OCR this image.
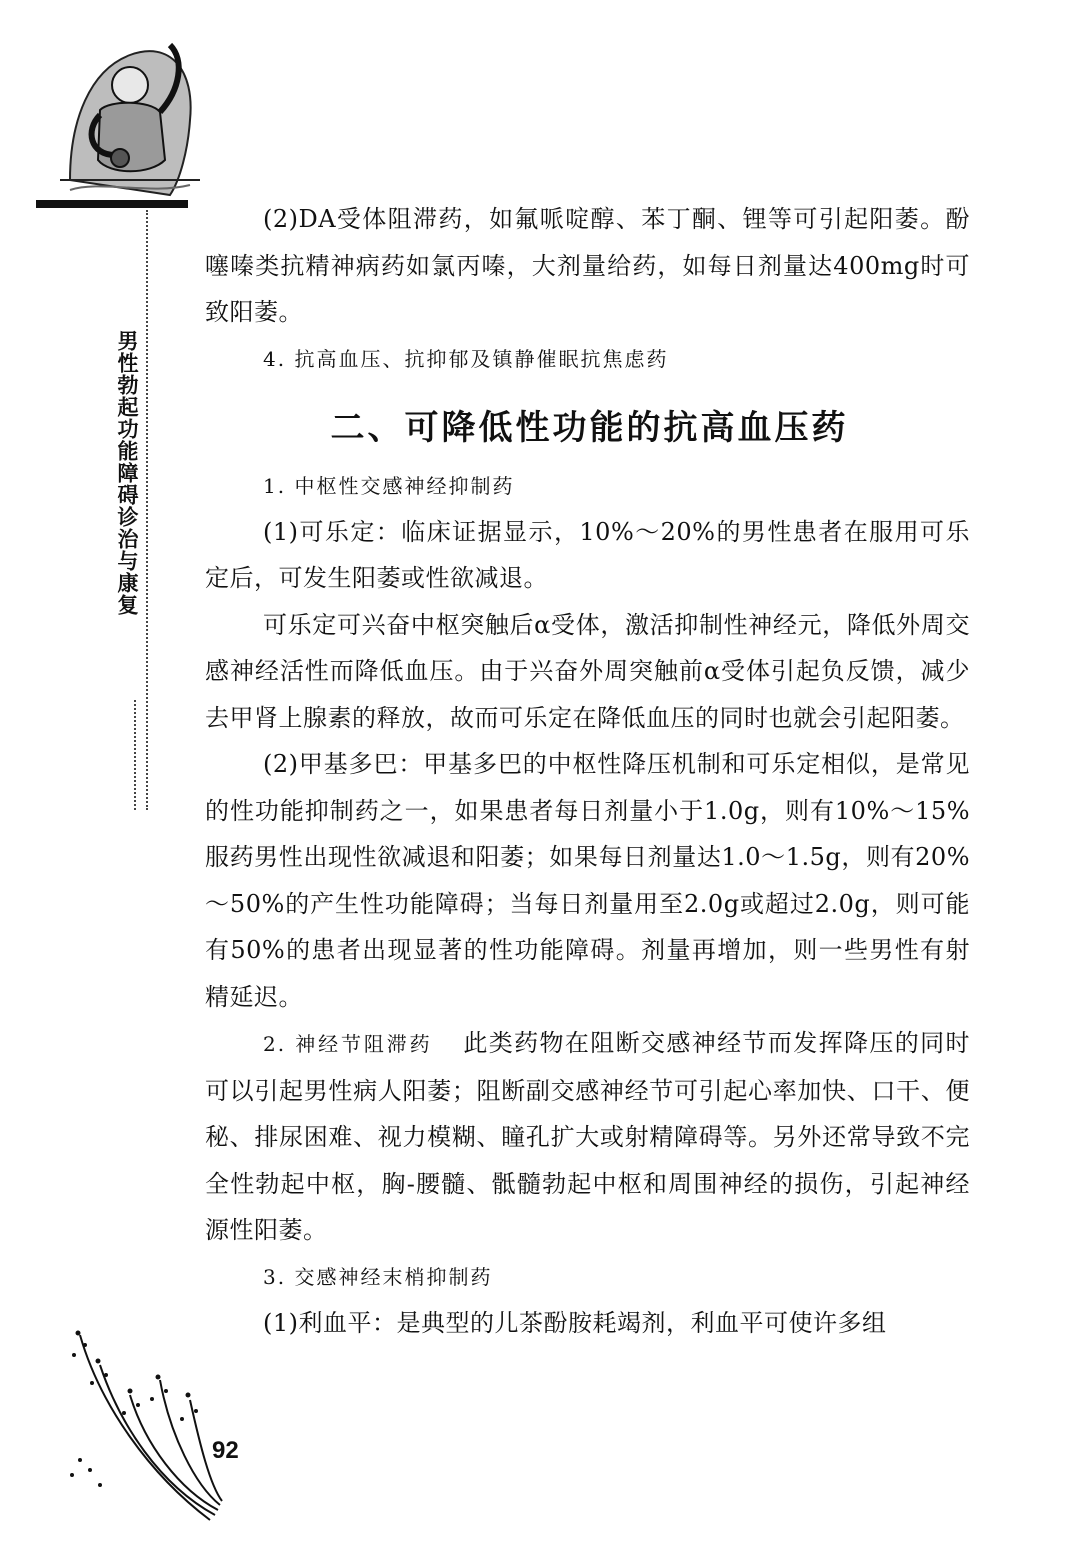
男性勃起功能障碍诊治与康复

(2)DA受体阻滞药，如氟哌啶醇、苯丁酮、锂等可引起阳萎。酚噻嗪类抗精神病药如氯丙嗪，大剂量给药，如每日剂量达400mg时可致阳萎。

4. 抗高血压、抗抑郁及镇静催眠抗焦虑药

二、可降低性功能的抗高血压药

1. 中枢性交感神经抑制药

(1)可乐定：临床证据显示，10%～20%的男性患者在服用可乐定后，可发生阳萎或性欲减退。

可乐定可兴奋中枢突触后α受体，激活抑制性神经元，降低外周交感神经活性而降低血压。由于兴奋外周突触前α受体引起负反馈，减少去甲肾上腺素的释放，故而可乐定在降低血压的同时也就会引起阳萎。

(2)甲基多巴：甲基多巴的中枢性降压机制和可乐定相似，是常见的性功能抑制药之一，如果患者每日剂量小于1.0g，则有10%～15%服药男性出现性欲减退和阳萎；如果每日剂量达1.0～1.5g，则有20%～50%的产生性功能障碍；当每日剂量用至2.0g或超过2.0g，则可能有50%的患者出现显著的性功能障碍。剂量再增加，则一些男性有射精延迟。

2. 神经节阻滞药 此类药物在阻断交感神经节而发挥降压的同时可以引起男性病人阳萎；阻断副交感神经节可引起心率加快、口干、便秘、排尿困难、视力模糊、瞳孔扩大或射精障碍等。另外还常导致不完全性勃起中枢，胸-腰髓、骶髓勃起中枢和周围神经的损伤，引起神经源性阳萎。

3. 交感神经末梢抑制药

(1)利血平：是典型的儿茶酚胺耗竭剂，利血平可使许多组

92
